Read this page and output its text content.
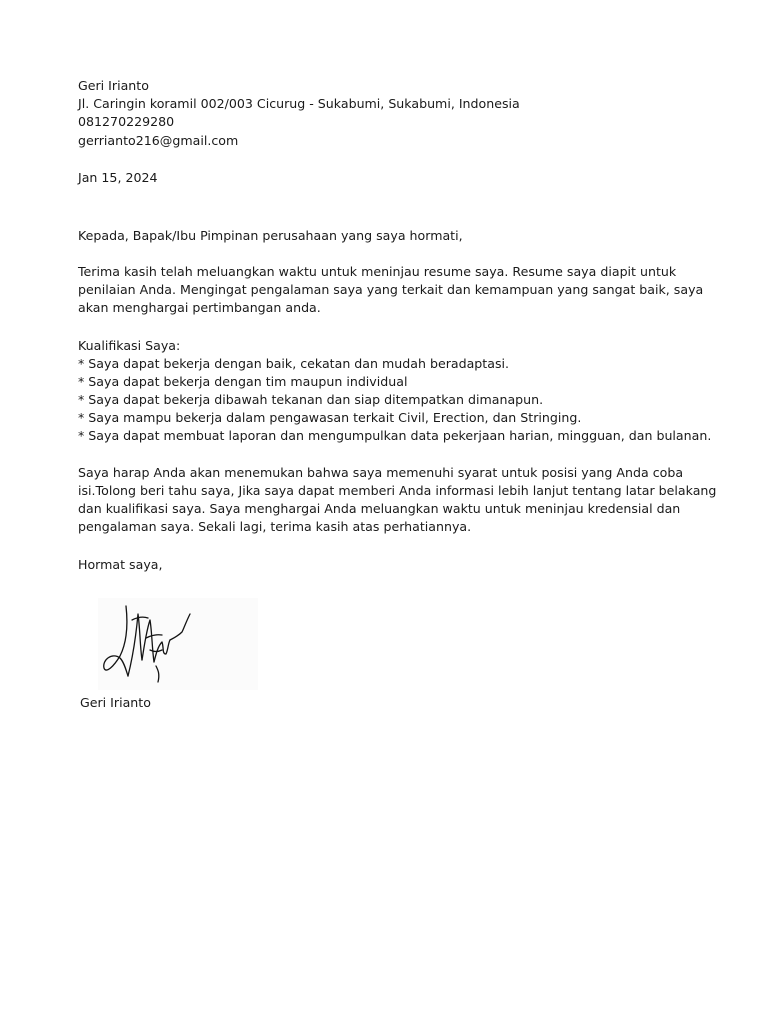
Geri Irianto
Jl. Caringin koramil 002/003 Cicurug - Sukabumi, Sukabumi, Indonesia
081270229280
gerrianto216@gmail.com
Jan 15, 2024
Kepada, Bapak/Ibu Pimpinan perusahaan yang saya hormati,
Terima kasih telah meluangkan waktu untuk meninjau resume saya. Resume saya diapit untuk
penilaian Anda. Mengingat pengalaman saya yang terkait dan kemampuan yang sangat baik, saya
akan menghargai pertimbangan anda.
Kualifikasi Saya:
* Saya dapat bekerja dengan baik, cekatan dan mudah beradaptasi.
* Saya dapat bekerja dengan tim maupun individual
* Saya dapat bekerja dibawah tekanan dan siap ditempatkan dimanapun.
* Saya mampu bekerja dalam pengawasan terkait Civil, Erection, dan Stringing.
* Saya dapat membuat laporan dan mengumpulkan data pekerjaan harian, mingguan, dan bulanan.
Saya harap Anda akan menemukan bahwa saya memenuhi syarat untuk posisi yang Anda coba
isi.Tolong beri tahu saya, Jika saya dapat memberi Anda informasi lebih lanjut tentang latar belakang
dan kualifikasi saya. Saya menghargai Anda meluangkan waktu untuk meninjau kredensial dan
pengalaman saya. Sekali lagi, terima kasih atas perhatiannya.
Hormat saya,
Geri Irianto
